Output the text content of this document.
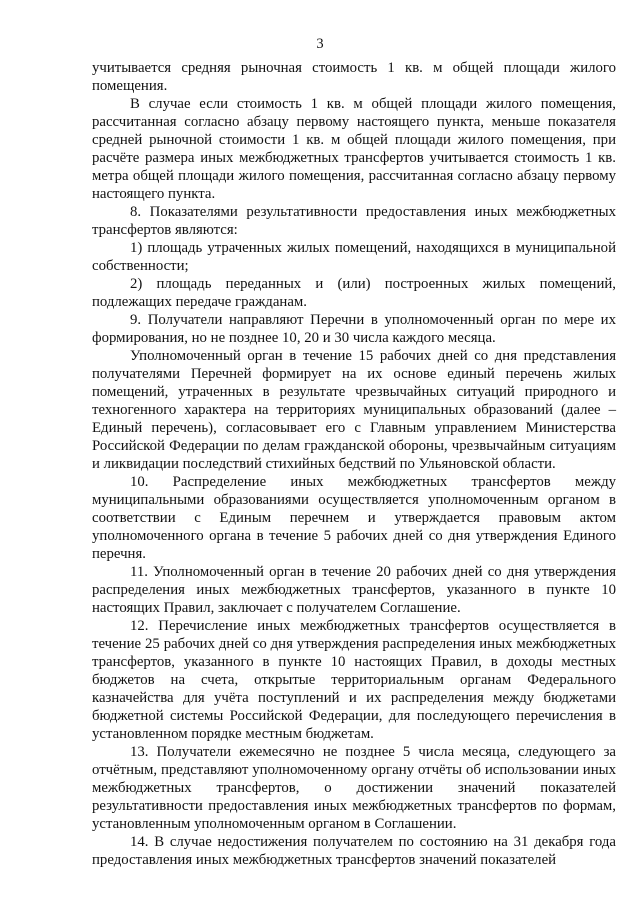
3

учитывается средняя рыночная стоимость 1 кв. м общей площади жилого помещения.

В случае если стоимость 1 кв. м общей площади жилого помещения, рассчитанная согласно абзацу первому настоящего пункта, меньше показателя средней рыночной стоимости 1 кв. м общей площади жилого помещения, при расчёте размера иных межбюджетных трансфертов учитывается стоимость 1 кв. метра общей площади жилого помещения, рассчитанная согласно абзацу первому настоящего пункта.

8. Показателями результативности предоставления иных межбюджетных трансфертов являются:

1) площадь утраченных жилых помещений, находящихся в муниципальной собственности;

2) площадь переданных и (или) построенных жилых помещений, подлежащих передаче гражданам.

9. Получатели направляют Перечни в уполномоченный орган по мере их формирования, но не позднее 10, 20 и 30 числа каждого месяца.

Уполномоченный орган в течение 15 рабочих дней со дня представления получателями Перечней формирует на их основе единый перечень жилых помещений, утраченных в результате чрезвычайных ситуаций природного и техногенного характера на территориях муниципальных образований (далее – Единый перечень), согласовывает его с Главным управлением Министерства Российской Федерации по делам гражданской обороны, чрезвычайным ситуациям и ликвидации последствий стихийных бедствий по Ульяновской области.

10. Распределение иных межбюджетных трансфертов между муниципальными образованиями осуществляется уполномоченным органом в соответствии с Единым перечнем и утверждается правовым актом уполномоченного органа в течение 5 рабочих дней со дня утверждения Единого перечня.

11. Уполномоченный орган в течение 20 рабочих дней со дня утверждения распределения иных межбюджетных трансфертов, указанного в пункте 10 настоящих Правил, заключает с получателем Соглашение.

12. Перечисление иных межбюджетных трансфертов осуществляется в течение 25 рабочих дней со дня утверждения распределения иных межбюджетных трансфертов, указанного в пункте 10 настоящих Правил, в доходы местных бюджетов на счета, открытые территориальным органам Федерального казначейства для учёта поступлений и их распределения между бюджетами бюджетной системы Российской Федерации, для последующего перечисления в установленном порядке местным бюджетам.

13. Получатели ежемесячно не позднее 5 числа месяца, следующего за отчётным, представляют уполномоченному органу отчёты об использовании иных межбюджетных трансфертов, о достижении значений показателей результативности предоставления иных межбюджетных трансфертов по формам, установленным уполномоченным органом в Соглашении.

14. В случае недостижения получателем по состоянию на 31 декабря года предоставления иных межбюджетных трансфертов значений показателей
